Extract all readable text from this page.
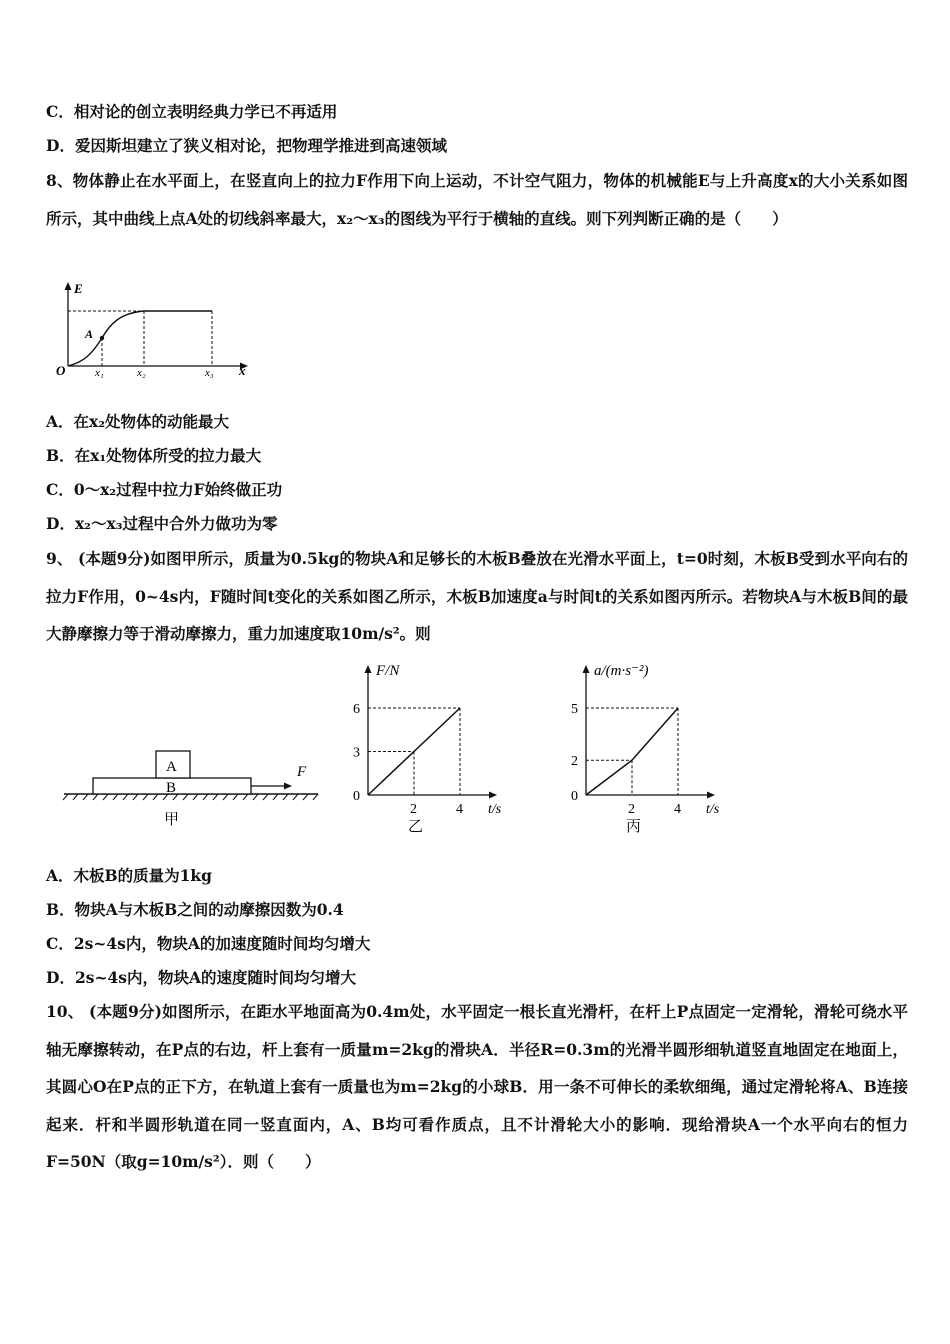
C．相对论的创立表明经典力学已不再适用
D．爱因斯坦建立了狭义相对论，把物理学推进到高速领域
8、物体静止在水平面上，在竖直向上的拉力F作用下向上运动，不计空气阻力，物体的机械能E与上升高度x的大小关系如图所示，其中曲线上点A处的切线斜率最大，x₂～x₃的图线为平行于横轴的直线。则下列判断正确的是（　　）
E
O	x
A
x₁	x₂	x₃
A．在x₂处物体的动能最大
B．在x₁处物体所受的拉力最大
C．0～x₂过程中拉力F始终做正功
D．x₂～x₃过程中合外力做功为零
9、 (本题9分)如图甲所示，质量为0.5kg的物块A和足够长的木板B叠放在光滑水平面上，t=0时刻，木板B受到水平向右的拉力F作用，0~4s内，F随时间t变化的关系如图乙所示，木板B加速度a与时间t的关系如图丙所示。若物块A与木板B间的最大静摩擦力等于滑动摩擦力，重力加速度取10m/s²。则
A
B
F
甲
F/N
t/s
0
3
6
2	4
乙
a/(m·s⁻²)
t/s
0
2
5
2	4
丙
A．木板B的质量为1kg
B．物块A与木板B之间的动摩擦因数为0.4
C．2s~4s内，物块A的加速度随时间均匀增大
D．2s~4s内，物块A的速度随时间均匀增大
10、 (本题9分)如图所示，在距水平地面高为0.4m处，水平固定一根长直光滑杆，在杆上P点固定一定滑轮，滑轮可绕水平轴无摩擦转动，在P点的右边，杆上套有一质量m=2kg的滑块A．半径R=0.3m的光滑半圆形细轨道竖直地固定在地面上，其圆心O在P点的正下方，在轨道上套有一质量也为m=2kg的小球B．用一条不可伸长的柔软细绳，通过定滑轮将A、B连接起来．杆和半圆形轨道在同一竖直面内，A、B均可看作质点，且不计滑轮大小的影响．现给滑块A一个水平向右的恒力F=50N（取g=10m/s²）．则（　　）
